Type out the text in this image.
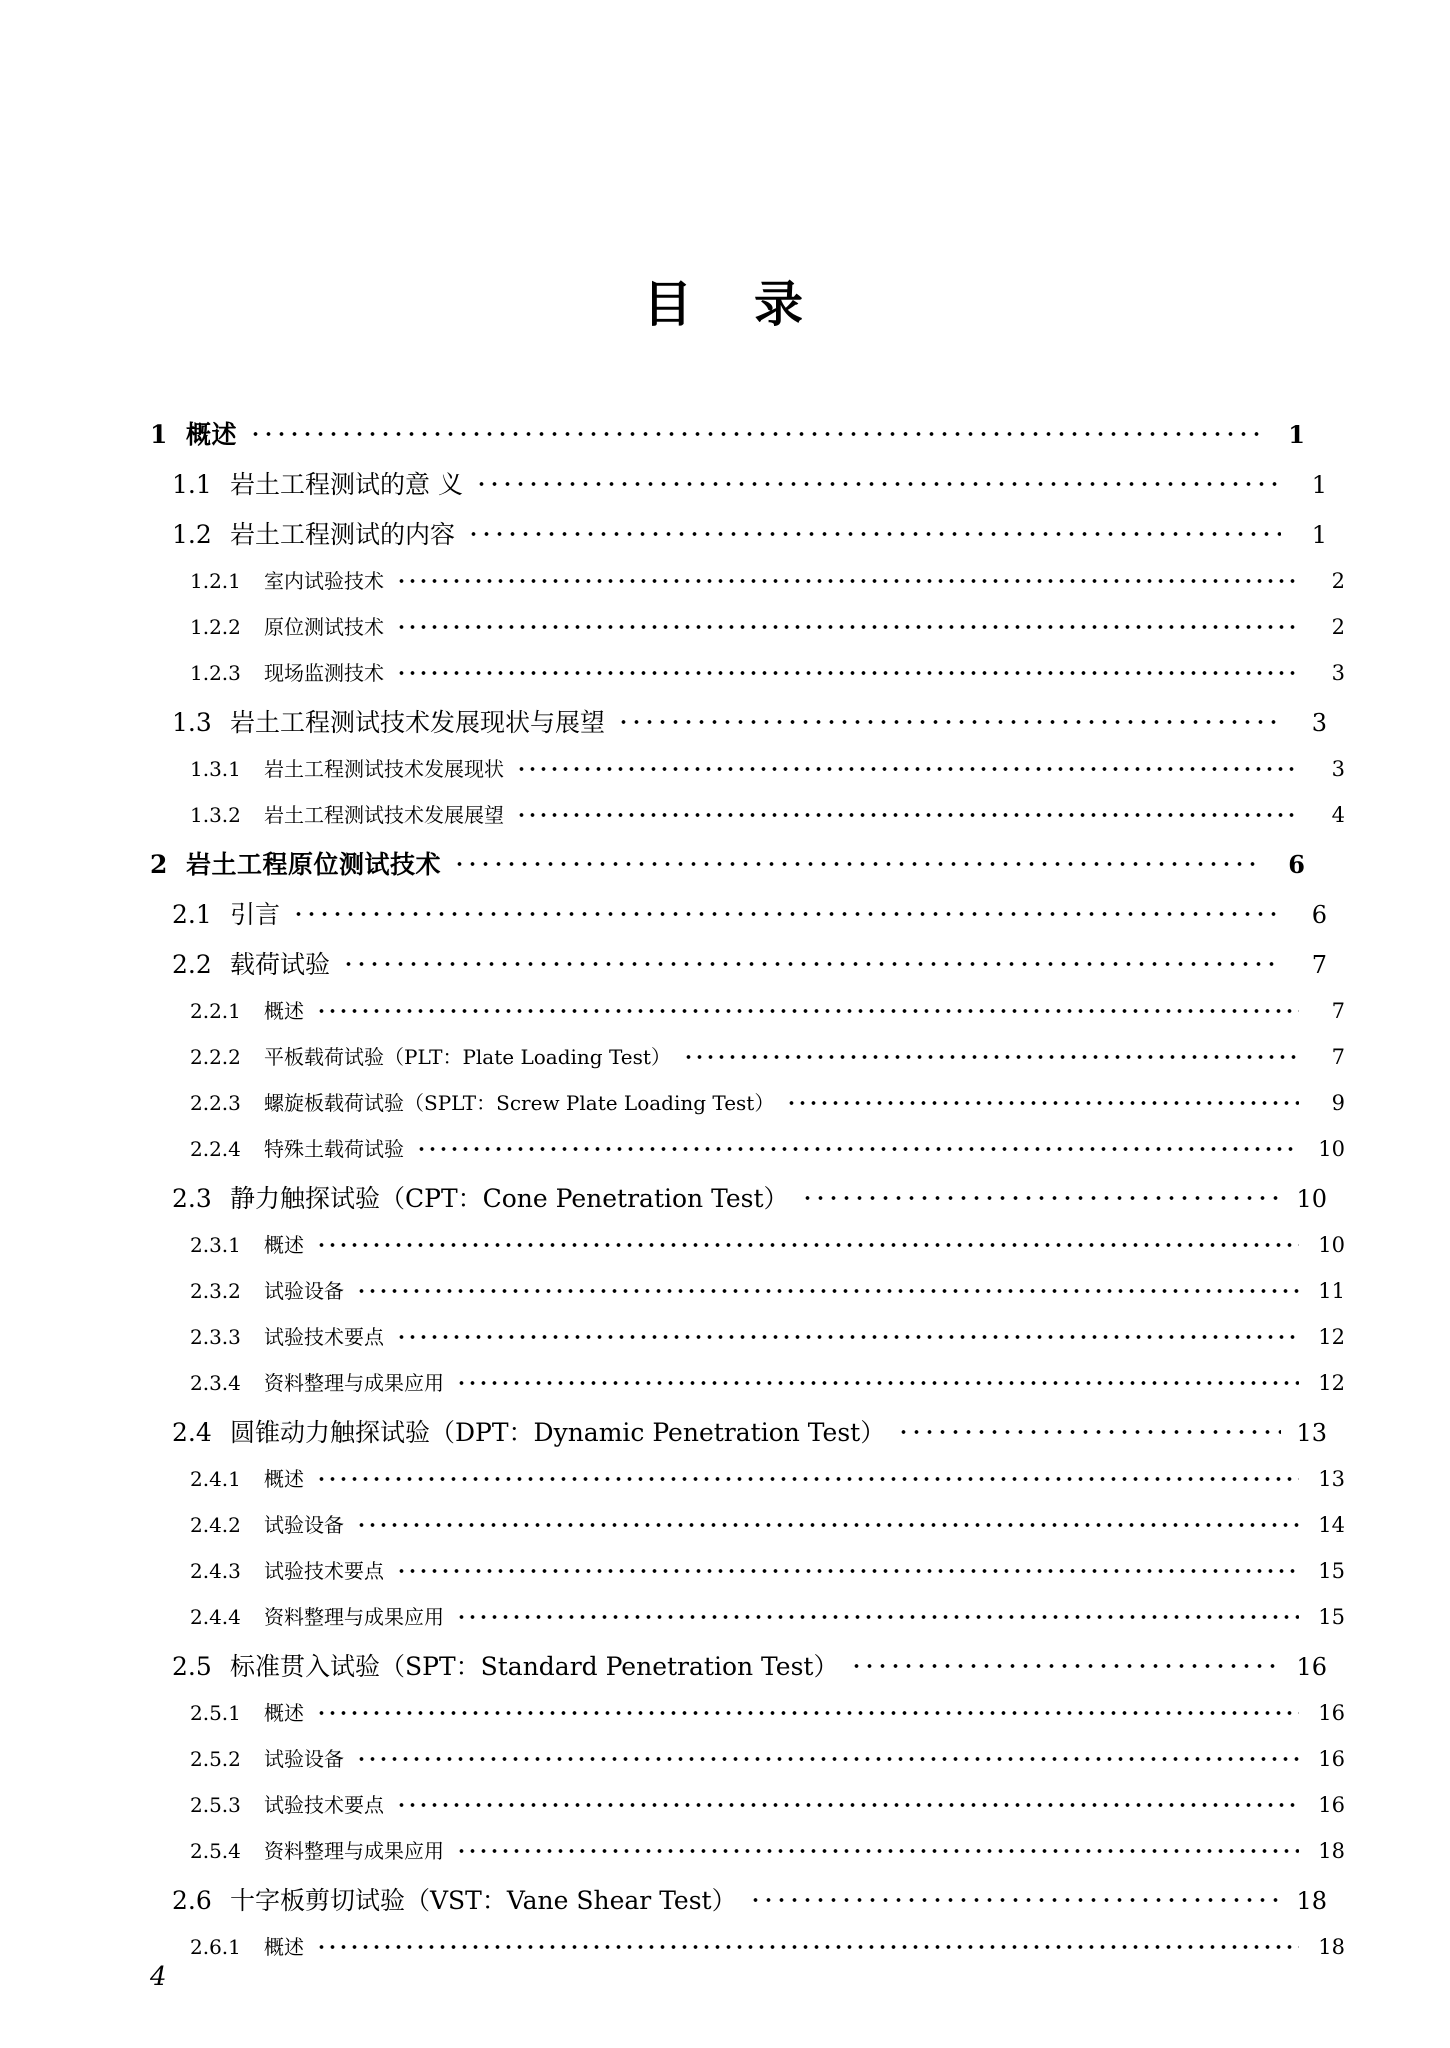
目 录
1 概述	1
1.1 岩土工程测试的意 义	1
1.2 岩土工程测试的内容	1
1.2.1	室内试验技术	2
1.2.2	原位测试技术	2
1.2.3	现场监测技术	3
1.3 岩土工程测试技术发展现状与展望	3
1.3.1	岩土工程测试技术发展现状	3
1.3.2	岩土工程测试技术发展展望	4
2 岩土工程原位测试技术	6
2.1 引言	6
2.2 载荷试验	7
2.2.1	概述	7
2.2.2	平板载荷试验（PLT：Plate Loading Test）	7
2.2.3	螺旋板载荷试验（SPLT：Screw Plate Loading Test）	9
2.2.4	特殊土载荷试验	10
2.3 静力触探试验（CPT：Cone Penetration Test）	10
2.3.1	概述	10
2.3.2	试验设备	11
2.3.3	试验技术要点	12
2.3.4	资料整理与成果应用	12
2.4 圆锥动力触探试验（DPT：Dynamic Penetration Test）	13
2.4.1	概述	13
2.4.2	试验设备	14
2.4.3	试验技术要点	15
2.4.4	资料整理与成果应用	15
2.5 标准贯入试验（SPT：Standard Penetration Test）	16
2.5.1	概述	16
2.5.2	试验设备	16
2.5.3	试验技术要点	16
2.5.4	资料整理与成果应用	18
2.6 十字板剪切试验（VST：Vane Shear Test）	18
2.6.1	概述	18
4
